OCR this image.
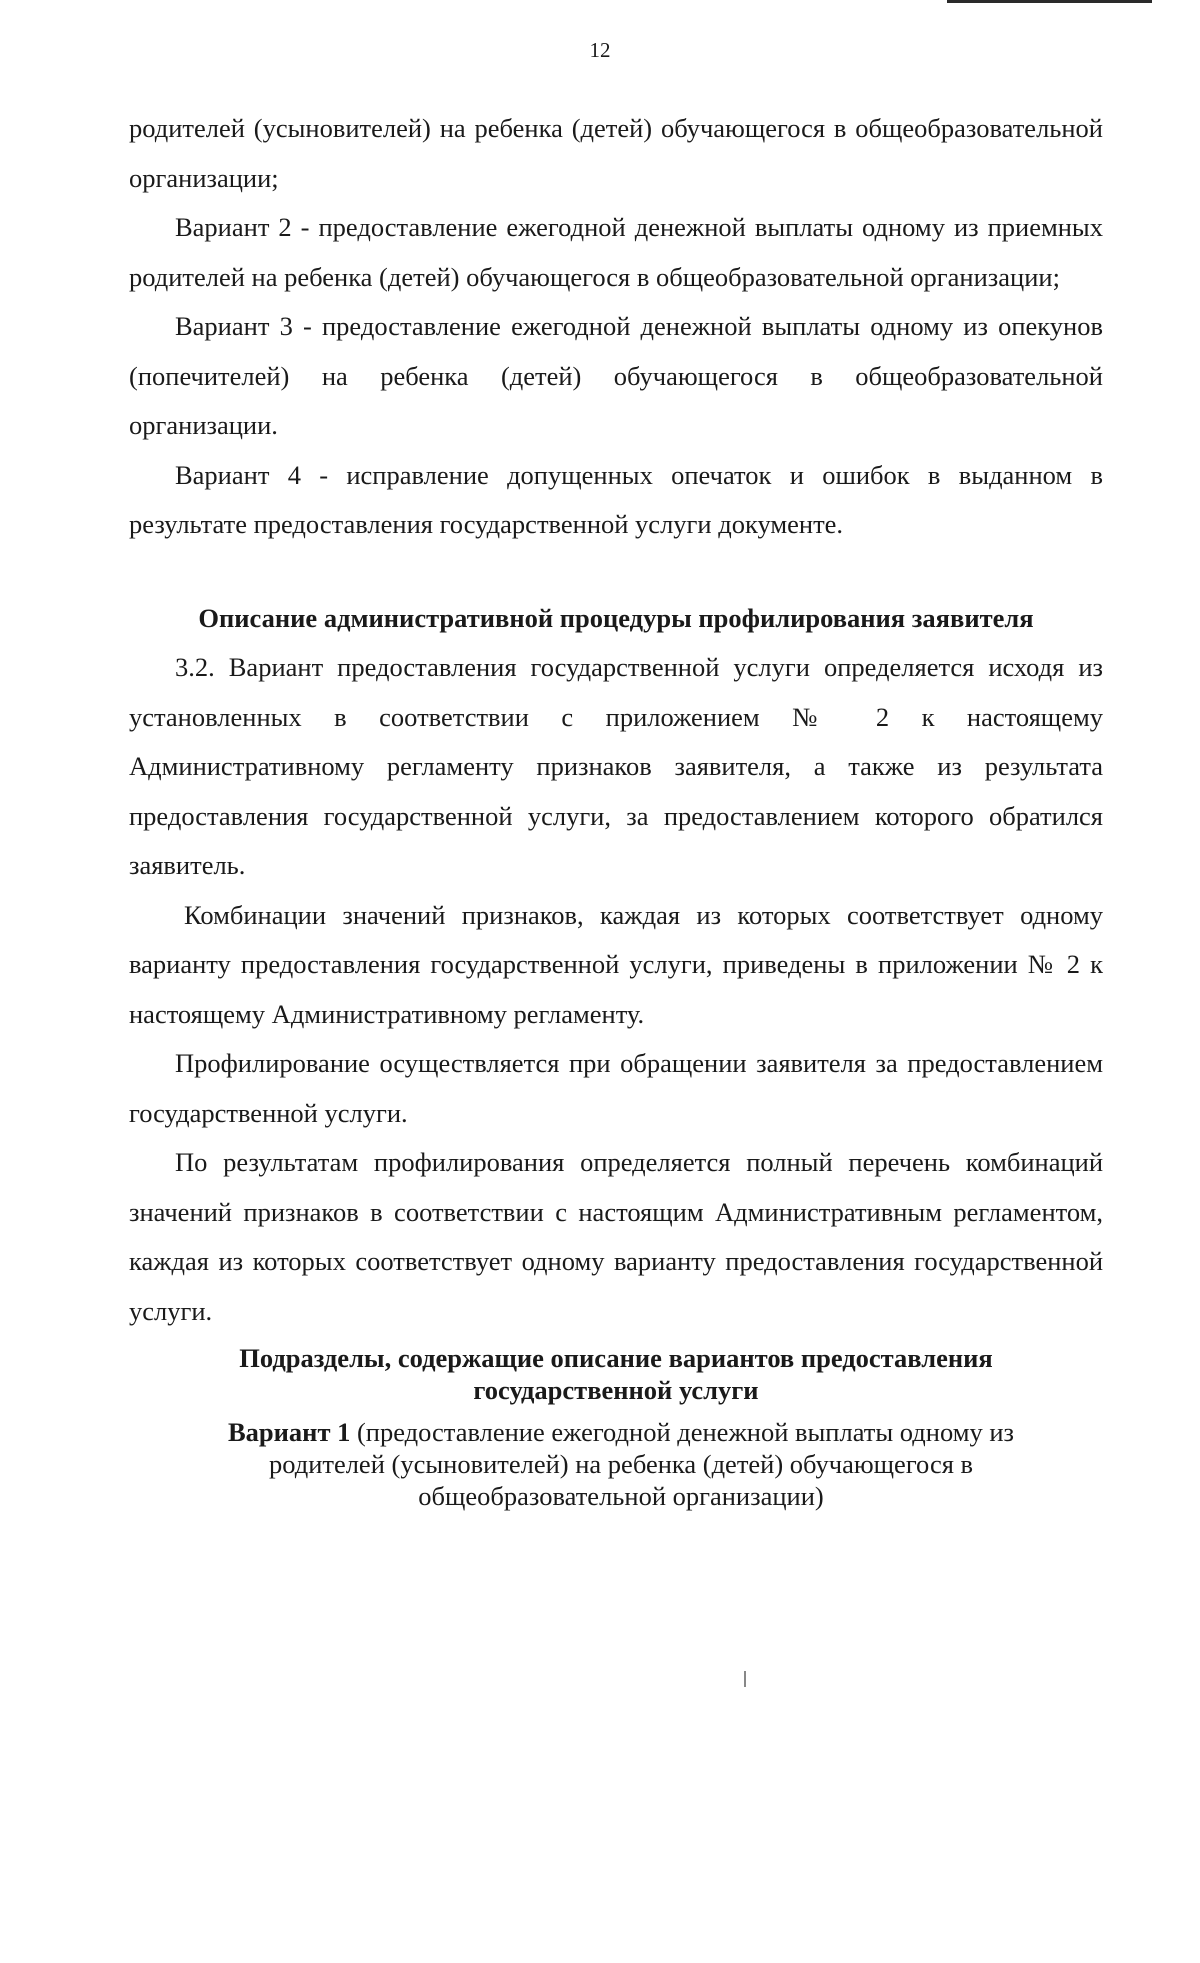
12

родителей (усыновителей) на ребенка (детей) обучающегося в общеобразовательной организации;

Вариант 2 - предоставление ежегодной денежной выплаты одному из приемных родителей на ребенка (детей) обучающегося в общеобразовательной организации;

Вариант 3 - предоставление ежегодной денежной выплаты одному из опекунов (попечителей) на ребенка (детей) обучающегося в общеобразовательной организации.

Вариант 4 - исправление допущенных опечаток и ошибок в выданном в результате предоставления государственной услуги документе.

Описание административной процедуры профилирования заявителя

3.2. Вариант предоставления государственной услуги определяется исходя из установленных в соответствии с приложением № 2 к настоящему Административному регламенту признаков заявителя, а также из результата предоставления государственной услуги, за предоставлением которого обратился заявитель.

Комбинации значений признаков, каждая из которых соответствует одному варианту предоставления государственной услуги, приведены в приложении № 2 к настоящему Административному регламенту.

Профилирование осуществляется при обращении заявителя за предоставлением государственной услуги.

По результатам профилирования определяется полный перечень комбинаций значений признаков в соответствии с настоящим Административным регламентом, каждая из которых соответствует одному варианту предоставления государственной услуги.

Подразделы, содержащие описание вариантов предоставления
государственной услуги

Вариант 1 (предоставление ежегодной денежной выплаты одному из родителей (усыновителей) на ребенка (детей) обучающегося в общеобразовательной организации)
